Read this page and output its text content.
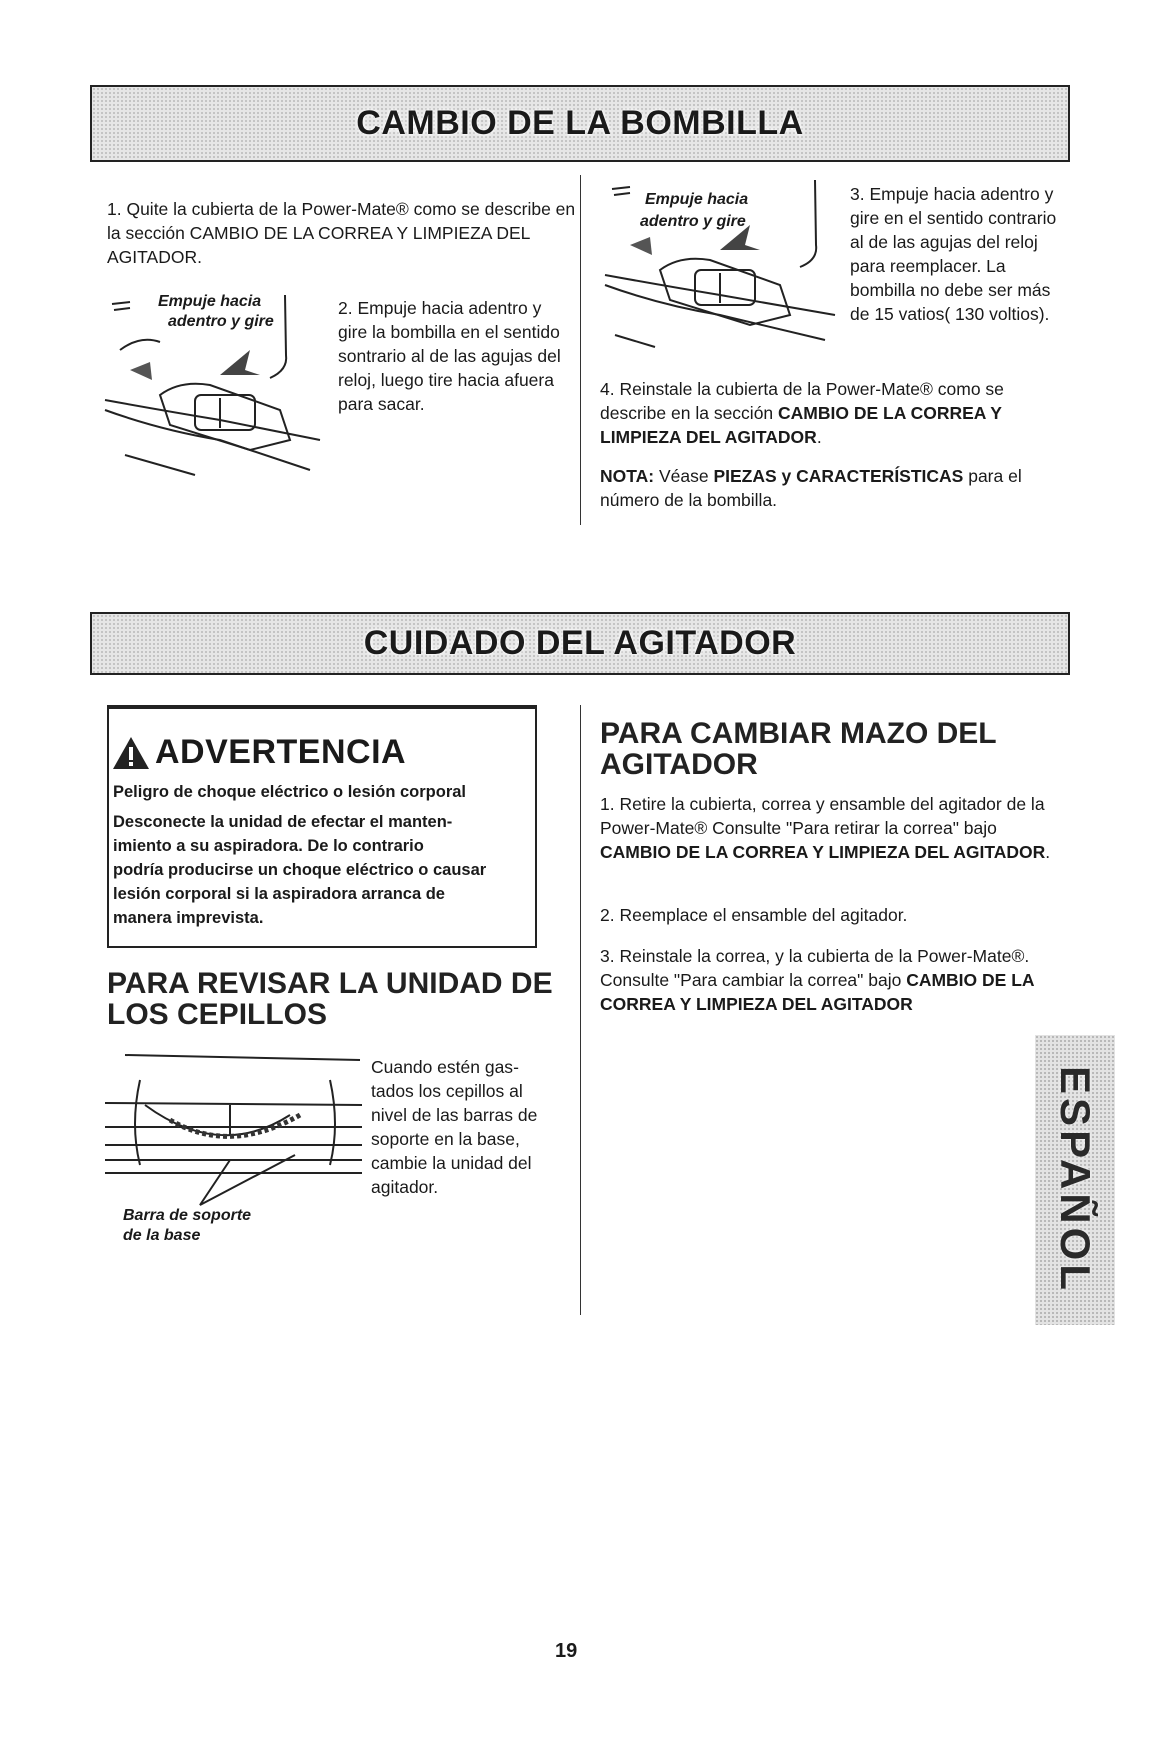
CAMBIO DE LA BOMBILLA
1. Quite la cubierta de la Power-Mate® como se describe en la sección CAMBIO DE LA CORREA Y LIMPIEZA DEL AGITADOR.
Empuje hacia
adentro y gire
2. Empuje hacia adentro y gire la bombilla en el sentido sontrario al de las agujas del reloj, luego tire hacia afuera para sacar.
Empuje hacia
adentro y gire
3. Empuje hacia adentro y gire en el sentido contrario al de las agujas del reloj para reemplacer. La bombilla no debe ser más de 15 vatios( 130 voltios).
4. Reinstale la cubierta de la Power-Mate® como se describe en la sección CAMBIO DE LA CORREA Y LIMPIEZA DEL AGITADOR.
NOTA: Véase PIEZAS y CARACTERÍSTICAS para el número de la bombilla.
CUIDADO DEL AGITADOR
ADVERTENCIA
Peligro de choque eléctrico o lesión corporal
Desconecte la unidad de efectar el manten-
imiento a su aspiradora. De lo contrario
podría producirse un choque eléctrico o causar
lesión corporal si la aspiradora arranca de
manera imprevista.
PARA REVISAR LA UNIDAD DE
LOS CEPILLOS
Barra de soporte
de la base
Cuando estén gastados los cepillos al nivel de las barras de soporte en la base, cambie la unidad del agitador.
PARA CAMBIAR MAZO DEL
AGITADOR
1. Retire la cubierta, correa y ensamble del agitador de la Power-Mate® Consulte "Para retirar la correa" bajo CAMBIO DE LA CORREA Y LIMPIEZA DEL AGITADOR.
2. Reemplace el ensamble del agitador.
3. Reinstale la correa, y la cubierta de la Power-Mate®. Consulte "Para cambiar la correa" bajo CAMBIO DE LA CORREA Y LIMPIEZA DEL AGITADOR
ESPAÑOL
19
